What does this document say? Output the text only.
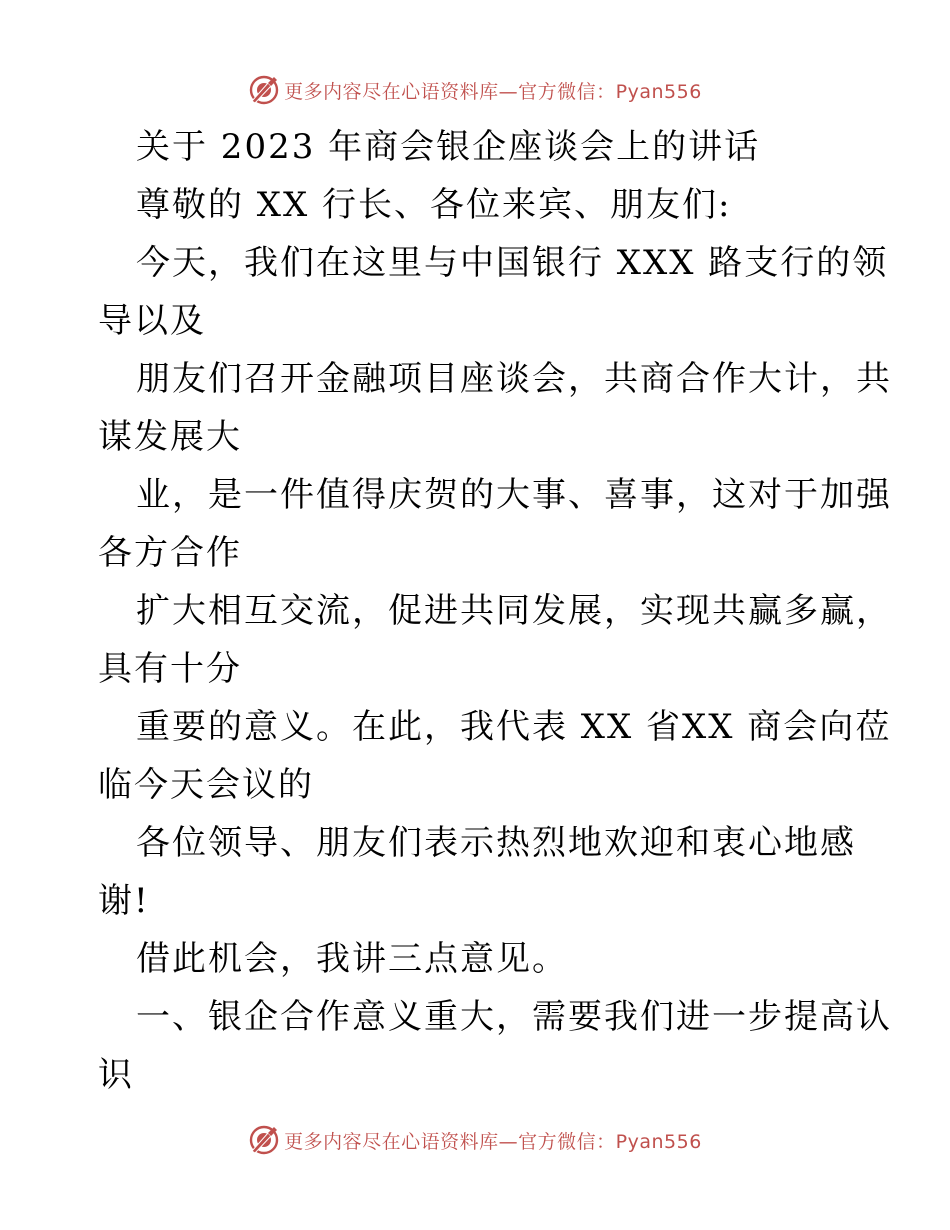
更多内容尽在心语资料库—官方微信：Pyan556
关于 2023 年商会银企座谈会上的讲话
尊敬的 XX 行长、各位来宾、朋友们:
今天，我们在这里与中国银行 XXX 路支行的领
导以及
朋友们召开金融项目座谈会，共商合作大计，共
谋发展大
业，是一件值得庆贺的大事、喜事，这对于加强
各方合作
扩大相互交流，促进共同发展，实现共赢多赢，
具有十分
重要的意义。在此，我代表 XX 省XX 商会向莅
临今天会议的
各位领导、朋友们表示热烈地欢迎和衷心地感
谢!
借此机会，我讲三点意见。
一、银企合作意义重大，需要我们进一步提高认
识
更多内容尽在心语资料库—官方微信：Pyan556
